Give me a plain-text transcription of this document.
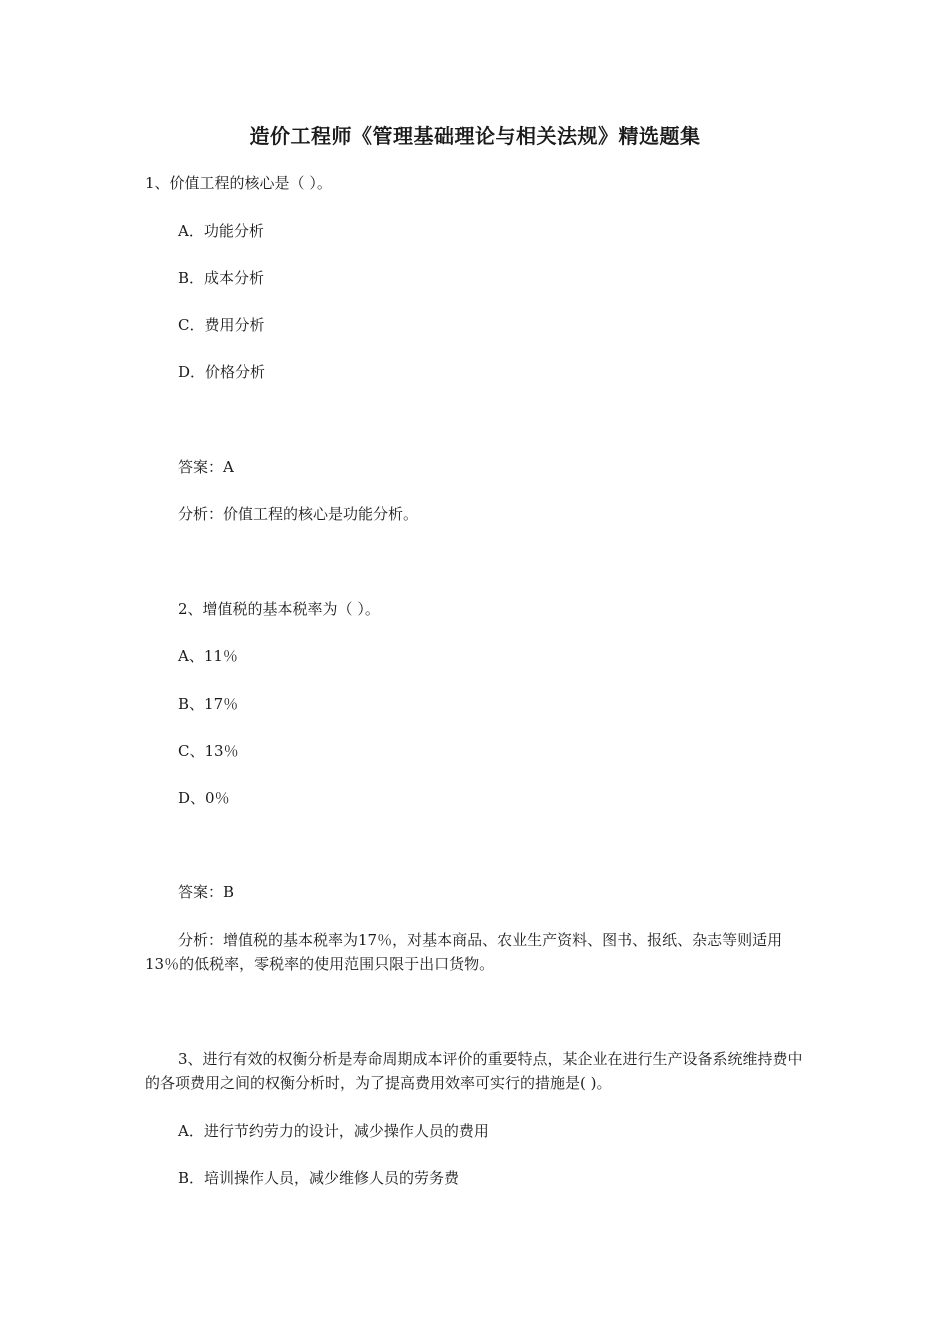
造价工程师《管理基础理论与相关法规》精选题集
1、价值工程的核心是（ ）。
A．功能分析
B．成本分析
C．费用分析
D．价格分析
答案：A
分析：价值工程的核心是功能分析。
2、增值税的基本税率为（ ）。
A、11％
B、17％
C、13％
D、0％
答案：B
分析：增值税的基本税率为17％，对基本商品、农业生产资料、图书、报纸、杂志等则适用13％的低税率，零税率的使用范围只限于出口货物。
3、进行有效的权衡分析是寿命周期成本评价的重要特点，某企业在进行生产设备系统维持费中的各项费用之间的权衡分析时，为了提高费用效率可实行的措施是( )。
A．进行节约劳力的设计，减少操作人员的费用
B．培训操作人员，减少维修人员的劳务费
